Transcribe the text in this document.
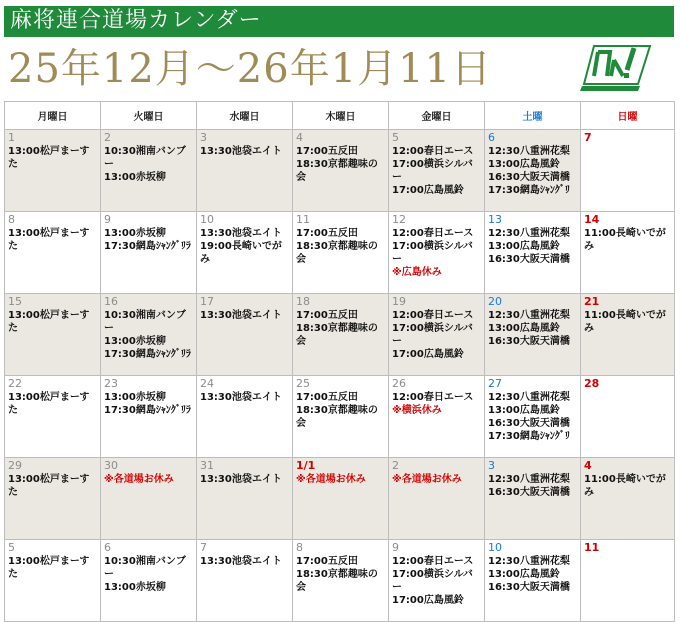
麻将連合道場カレンダー
25年12月～26年1月11日
月曜日	火曜日	水曜日	木曜日	金曜日	土曜	日曜

1
13:00松戸まーすた	2
10:30湘南バンブー
13:00赤坂柳	3
13:30池袋エイト	4
17:00五反田
18:30京都趣味の会	5
12:00春日エース
17:00横浜シルバー
17:00広島風鈴	6
12:30八重洲花梨
13:00広島風鈴
16:30大阪天満橋
17:30網島ｼｬﾝｸﾞﾘ	7

8
13:00松戸まーすた	9
13:00赤坂柳
17:30網島ｼｬﾝｸﾞﾘﾗ	10
13:30池袋エイト
19:00長崎いでがみ	11
17:00五反田
18:30京都趣味の会	12
12:00春日エース
17:00横浜シルバー
※広島休み	13
12:30八重洲花梨
13:00広島風鈴
16:30大阪天満橋	14
11:00長崎いでがみ

15
13:00松戸まーすた	16
10:30湘南バンブー
13:00赤坂柳
17:30網島ｼｬﾝｸﾞﾘﾗ	17
13:30池袋エイト	18
17:00五反田
18:30京都趣味の会	19
12:00春日エース
17:00横浜シルバー
17:00広島風鈴	20
12:30八重洲花梨
13:00広島風鈴
16:30大阪天満橋	21
11:00長崎いでがみ

22
13:00松戸まーすた	23
13:00赤坂柳
17:30網島ｼｬﾝｸﾞﾘﾗ	24
13:30池袋エイト	25
17:00五反田
18:30京都趣味の会	26
12:00春日エース
※横浜休み	27
12:30八重洲花梨
13:00広島風鈴
16:30大阪天満橋
17:30網島ｼｬﾝｸﾞﾘ	28

29
13:00松戸まーすた	30
※各道場お休み	31
13:30池袋エイト	1/1
※各道場お休み	2
※各道場お休み	3
12:30八重洲花梨
16:30大阪天満橋	4
11:00長崎いでがみ

5
13:00松戸まーすた	6
10:30湘南バンブー
13:00赤坂柳	7
13:30池袋エイト	8
17:00五反田
18:30京都趣味の会	9
12:00春日エース
17:00横浜シルバー
17:00広島風鈴	10
12:30八重洲花梨
13:00広島風鈴
16:30大阪天満橋	11
